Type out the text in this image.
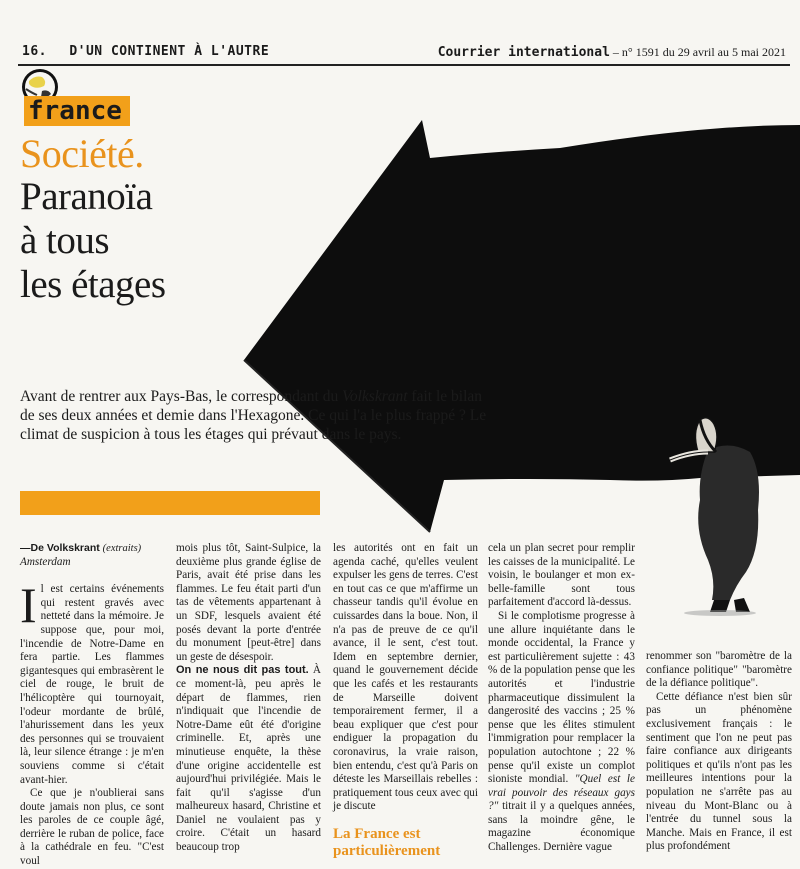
16. D'UN CONTINENT À L'AUTRE	Courrier international – n° 1591 du 29 avril au 5 mai 2021
france
Société.
Paranoïa
à tous
les étages
Avant de rentrer aux Pays-Bas, le correspondant du Volkskrant fait le bilan de ses deux années et demie dans l'Hexagone. Ce qui l'a le plus frappé ? Le climat de suspicion à tous les étages qui prévaut dans le pays.
—De Volkskrant (extraits)
Amsterdam

Il est certains événements qui restent gravés avec netteté dans la mémoire. Je suppose que, pour moi, l'incendie de Notre-Dame en fera partie. Les flammes gigantesques qui embrasèrent le ciel de rouge, le bruit de l'hélicoptère qui tournoyait, l'odeur mordante de brûlé, l'ahurissement dans les yeux des personnes qui se trouvaient là, leur silence étrange : je m'en souviens comme si c'était avant-hier.

Ce que je n'oublierai sans doute jamais non plus, ce sont les paroles de ce couple âgé, derrière le ruban de police, face à la cathédrale en feu. "C'est voul

mois plus tôt, Saint-Sulpice, la deuxième plus grande église de Paris, avait été prise dans les flammes. Le feu était parti d'un tas de vêtements appartenant à un SDF, lesquels avaient été posés devant la porte d'entrée du monument [peut-être] dans un geste de désespoir.

On ne nous dit pas tout. À ce moment-là, peu après le départ de flammes, rien n'indiquait que l'incendie de Notre-Dame eût été d'origine criminelle. Et, après une minutieuse enquête, la thèse d'une origine accidentelle est aujourd'hui privilégiée. Mais le fait qu'il s'agisse d'un malheureux hasard, Christine et Daniel ne voulaient pas y croire. C'était un hasard beaucoup trop

les autorités ont en fait un agenda caché, qu'elles veulent expulser les gens de terres. C'est en tout cas ce que m'affirme un chasseur tandis qu'il évolue en cuissardes dans la boue. Non, il n'a pas de preuve de ce qu'il avance, il le sent, c'est tout. Idem en septembre dernier, quand le gouvernement décide que les cafés et les restaurants de Marseille doivent temporairement fermer, il a beau expliquer que c'est pour endiguer la propagation du coronavirus, la vraie raison, bien entendu, c'est qu'à Paris on déteste les Marseillais rebelles : pratiquement tous ceux avec qui je discute

La France est particulièrement

cela un plan secret pour remplir les caisses de la municipalité. Le voisin, le boulanger et mon ex-belle-famille sont tous parfaitement d'accord là-dessus.

Si le complotisme progresse à une allure inquiétante dans le monde occidental, la France y est particulièrement sujette : 43 % de la population pense que les autorités et l'industrie pharmaceutique dissimulent la dangerosité des vaccins ; 25 % pense que les élites stimulent l'immigration pour remplacer la population autochtone ; 22 % pense qu'il existe un complot sioniste mondial. "Quel est le vrai pouvoir des réseaux gays ?" titrait il y a quelques années, sans la moindre gêne, le magazine économique Challenges. Dernière vague

renommer son "baromètre de la confiance politique" "baromètre de la défiance politique".

Cette défiance n'est bien sûr pas un phénomène exclusivement français : le sentiment que l'on ne peut pas faire confiance aux dirigeants politiques et qu'ils n'ont pas les meilleures intentions pour la population ne s'arrête pas au niveau du Mont-Blanc ou à l'entrée du tunnel sous la Manche. Mais en France, il est plus profondément
